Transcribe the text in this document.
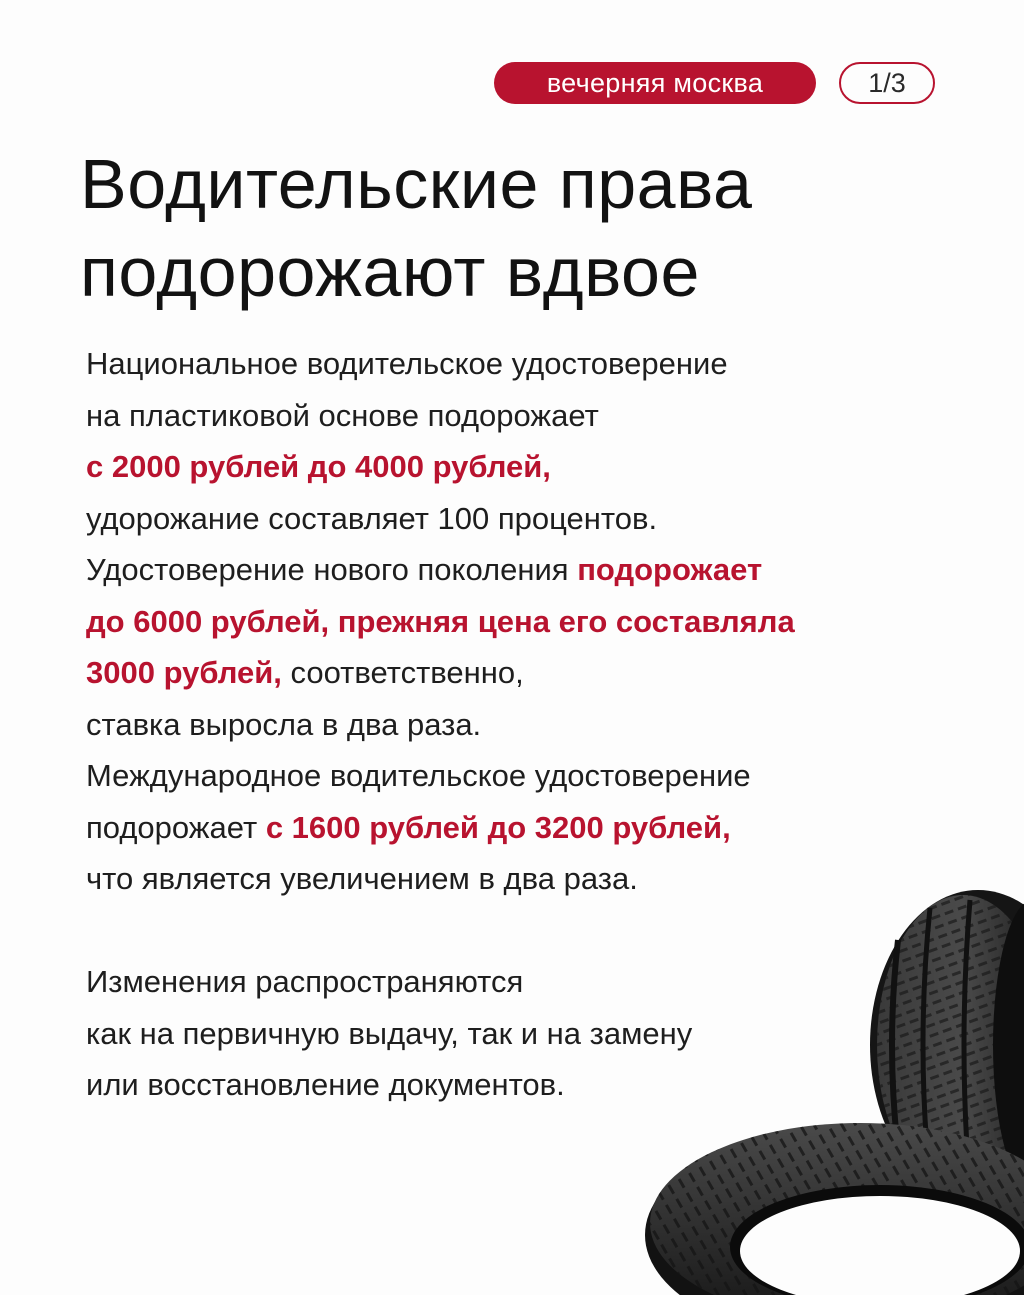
вечерняя москва	1/3
Водительские права
подорожают вдвое
Национальное водительское удостоверение
на пластиковой основе подорожает
с 2000 рублей до 4000 рублей,
удорожание составляет 100 процентов.
Удостоверение нового поколения подорожает
до 6000 рублей, прежняя цена его составляла
3000 рублей, соответственно,
ставка выросла в два раза.
Международное водительское удостоверение
подорожает с 1600 рублей до 3200 рублей,
что является увеличением в два раза.
Изменения распространяются
как на первичную выдачу, так и на замену
или восстановление документов.
